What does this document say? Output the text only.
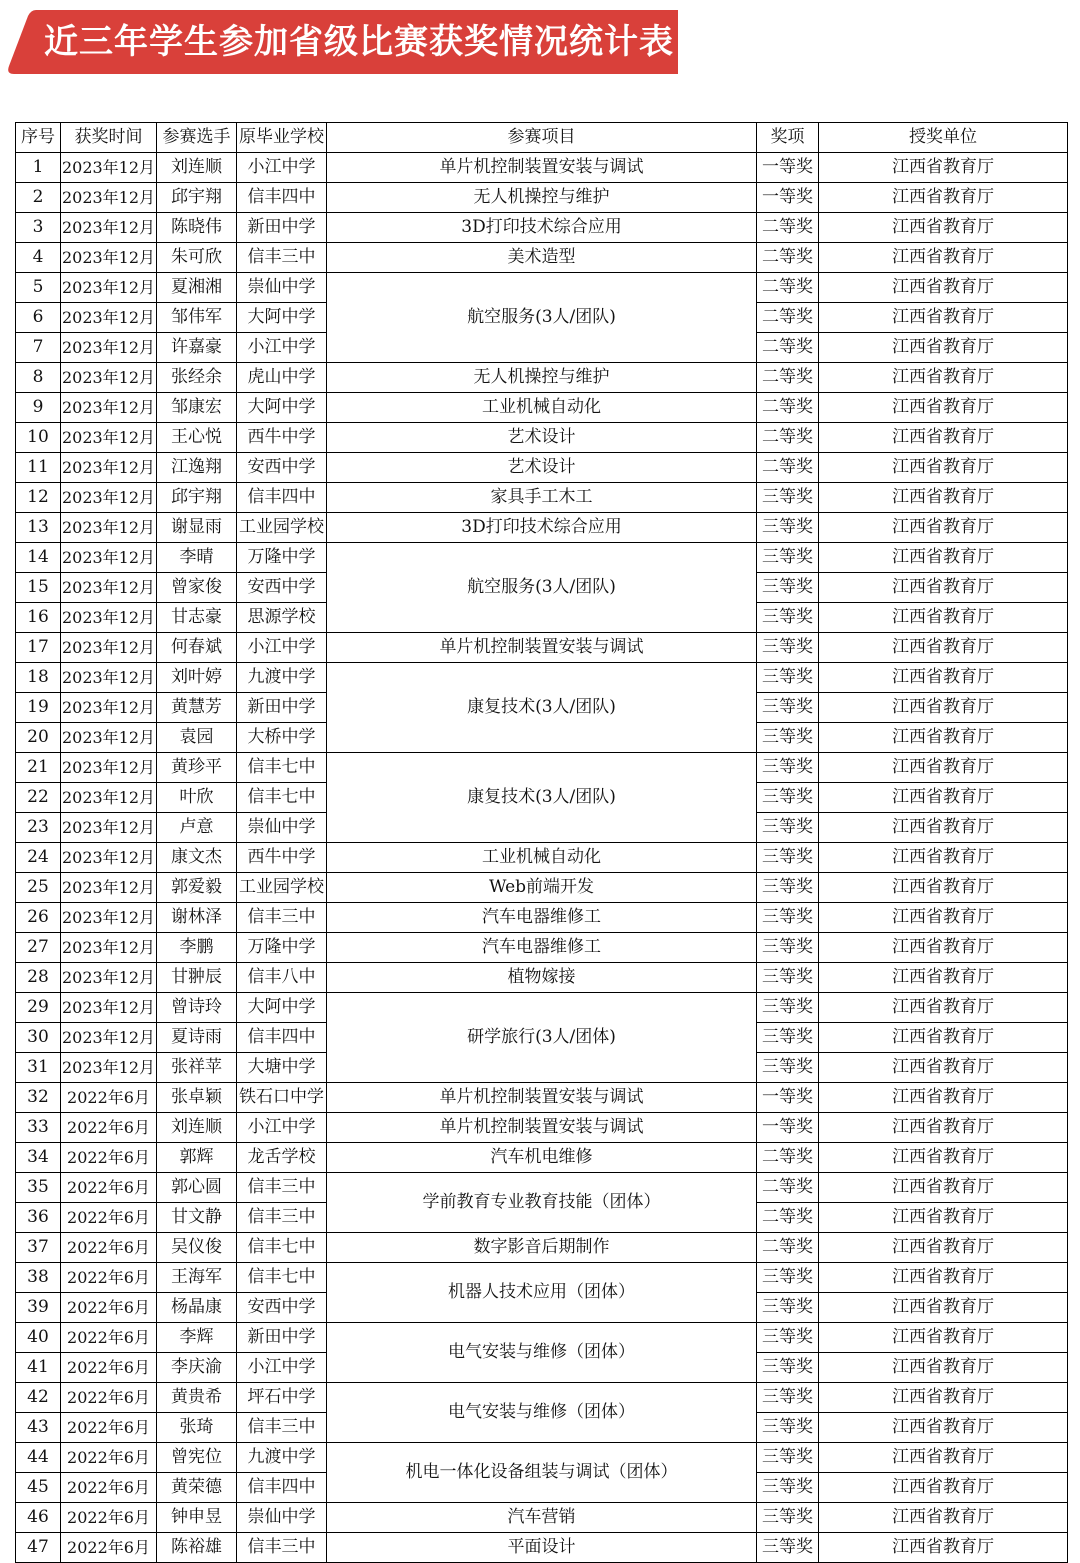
近三年学生参加省级比赛获奖情况统计表
序号	获奖时间	参赛选手	原毕业学校	参赛项目	奖项	授奖单位
1	2023年12月	刘连顺	小江中学	单片机控制装置安装与调试	一等奖	江西省教育厅
2	2023年12月	邱宇翔	信丰四中	无人机操控与维护	一等奖	江西省教育厅
3	2023年12月	陈晓伟	新田中学	3D打印技术综合应用	二等奖	江西省教育厅
4	2023年12月	朱可欣	信丰三中	美术造型	二等奖	江西省教育厅
5	2023年12月	夏湘湘	崇仙中学	航空服务(3人/团队)	二等奖	江西省教育厅
6	2023年12月	邹伟军	大阿中学		二等奖	江西省教育厅
7	2023年12月	许嘉豪	小江中学		二等奖	江西省教育厅
8	2023年12月	张经余	虎山中学	无人机操控与维护	二等奖	江西省教育厅
9	2023年12月	邹康宏	大阿中学	工业机械自动化	二等奖	江西省教育厅
10	2023年12月	王心悦	西牛中学	艺术设计	二等奖	江西省教育厅
11	2023年12月	江逸翔	安西中学	艺术设计	二等奖	江西省教育厅
12	2023年12月	邱宇翔	信丰四中	家具手工木工	三等奖	江西省教育厅
13	2023年12月	谢显雨	工业园学校	3D打印技术综合应用	三等奖	江西省教育厅
14	2023年12月	李晴	万隆中学	航空服务(3人/团队)	三等奖	江西省教育厅
15	2023年12月	曾家俊	安西中学		三等奖	江西省教育厅
16	2023年12月	甘志豪	思源学校		三等奖	江西省教育厅
17	2023年12月	何春斌	小江中学	单片机控制装置安装与调试	三等奖	江西省教育厅
18	2023年12月	刘叶婷	九渡中学	康复技术(3人/团队)	三等奖	江西省教育厅
19	2023年12月	黄慧芳	新田中学		三等奖	江西省教育厅
20	2023年12月	袁园	大桥中学		三等奖	江西省教育厅
21	2023年12月	黄珍平	信丰七中	康复技术(3人/团队)	三等奖	江西省教育厅
22	2023年12月	叶欣	信丰七中		三等奖	江西省教育厅
23	2023年12月	卢意	崇仙中学		三等奖	江西省教育厅
24	2023年12月	康文杰	西牛中学	工业机械自动化	三等奖	江西省教育厅
25	2023年12月	郭爱毅	工业园学校	Web前端开发	三等奖	江西省教育厅
26	2023年12月	谢林泽	信丰三中	汽车电器维修工	三等奖	江西省教育厅
27	2023年12月	李鹏	万隆中学	汽车电器维修工	三等奖	江西省教育厅
28	2023年12月	甘翀辰	信丰八中	植物嫁接	三等奖	江西省教育厅
29	2023年12月	曾诗玲	大阿中学	研学旅行(3人/团体)	三等奖	江西省教育厅
30	2023年12月	夏诗雨	信丰四中		三等奖	江西省教育厅
31	2023年12月	张祥苹	大塘中学		三等奖	江西省教育厅
32	2022年6月	张卓颖	铁石口中学	单片机控制装置安装与调试	一等奖	江西省教育厅
33	2022年6月	刘连顺	小江中学	单片机控制装置安装与调试	一等奖	江西省教育厅
34	2022年6月	郭辉	龙舌学校	汽车机电维修	二等奖	江西省教育厅
35	2022年6月	郭心圆	信丰三中	学前教育专业教育技能（团体）	二等奖	江西省教育厅
36	2022年6月	甘文静	信丰三中		二等奖	江西省教育厅
37	2022年6月	吴仪俊	信丰七中	数字影音后期制作	二等奖	江西省教育厅
38	2022年6月	王海军	信丰七中	机器人技术应用（团体）	三等奖	江西省教育厅
39	2022年6月	杨晶康	安西中学		三等奖	江西省教育厅
40	2022年6月	李辉	新田中学	电气安装与维修（团体）	三等奖	江西省教育厅
41	2022年6月	李庆渝	小江中学		三等奖	江西省教育厅
42	2022年6月	黄贵希	坪石中学	电气安装与维修（团体）	三等奖	江西省教育厅
43	2022年6月	张琦	信丰三中		三等奖	江西省教育厅
44	2022年6月	曾宪位	九渡中学	机电一体化设备组装与调试（团体）	三等奖	江西省教育厅
45	2022年6月	黄荣德	信丰四中		三等奖	江西省教育厅
46	2022年6月	钟申昱	崇仙中学	汽车营销	三等奖	江西省教育厅
47	2022年6月	陈裕雄	信丰三中	平面设计	三等奖	江西省教育厅
